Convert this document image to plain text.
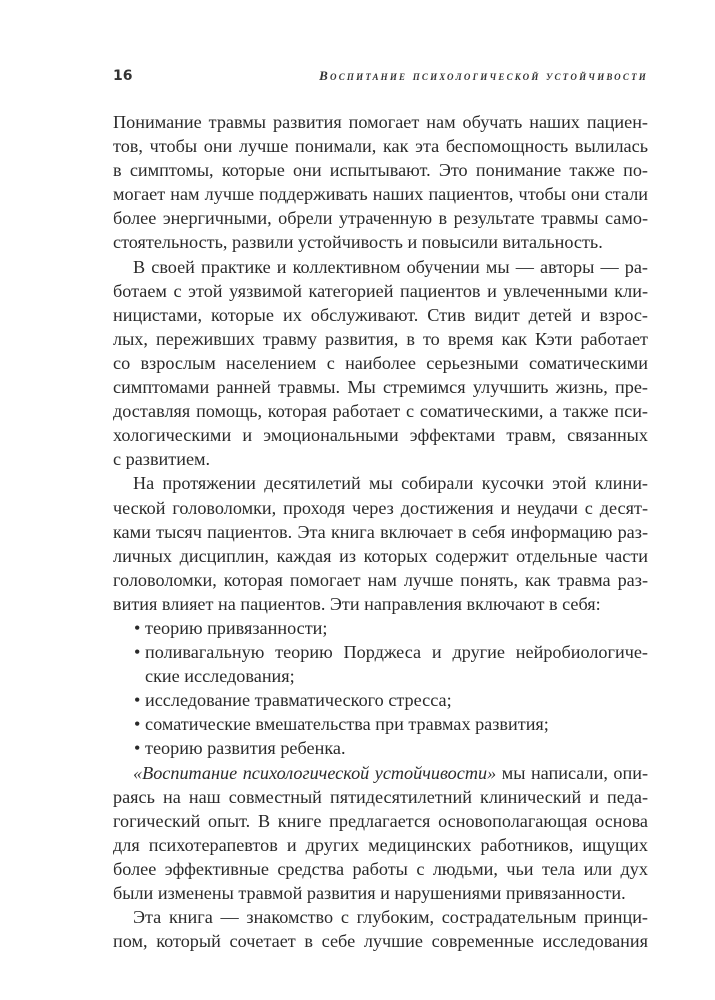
16	Воспитание психологической устойчивости
Понимание травмы развития помогает нам обучать наших пациен-
тов, чтобы они лучше понимали, как эта беспомощность вылилась
в симптомы, которые они испытывают. Это понимание также по-
могает нам лучше поддерживать наших пациентов, чтобы они стали
более энергичными, обрели утраченную в результате травмы само-
стоятельность, развили устойчивость и повысили витальность.
В своей практике и коллективном обучении мы — авторы — ра-
ботаем с этой уязвимой категорией пациентов и увлеченными кли-
ницистами, которые их обслуживают. Стив видит детей и взрос-
лых, переживших травму развития, в то время как Кэти работает
со взрослым населением с наиболее серьезными соматическими
симптомами ранней травмы. Мы стремимся улучшить жизнь, пре-
доставляя помощь, которая работает с соматическими, а также пси-
хологическими и эмоциональными эффектами травм, связанных
с развитием.
На протяжении десятилетий мы собирали кусочки этой клини-
ческой головоломки, проходя через достижения и неудачи с десят-
ками тысяч пациентов. Эта книга включает в себя информацию раз-
личных дисциплин, каждая из которых содержит отдельные части
головоломки, которая помогает нам лучше понять, как травма раз-
вития влияет на пациентов. Эти направления включают в себя:
• теорию привязанности;
• поливагальную теорию Порджеса и другие нейробиологиче-
ские исследования;
• исследование травматического стресса;
• соматические вмешательства при травмах развития;
• теорию развития ребенка.
«Воспитание психологической устойчивости» мы написали, опи-
раясь на наш совместный пятидесятилетний клинический и педа-
гогический опыт. В книге предлагается основополагающая основа
для психотерапевтов и других медицинских работников, ищущих
более эффективные средства работы с людьми, чьи тела или дух
были изменены травмой развития и нарушениями привязанности.
Эта книга — знакомство с глубоким, сострадательным принци-
пом, который сочетает в себе лучшие современные исследования
